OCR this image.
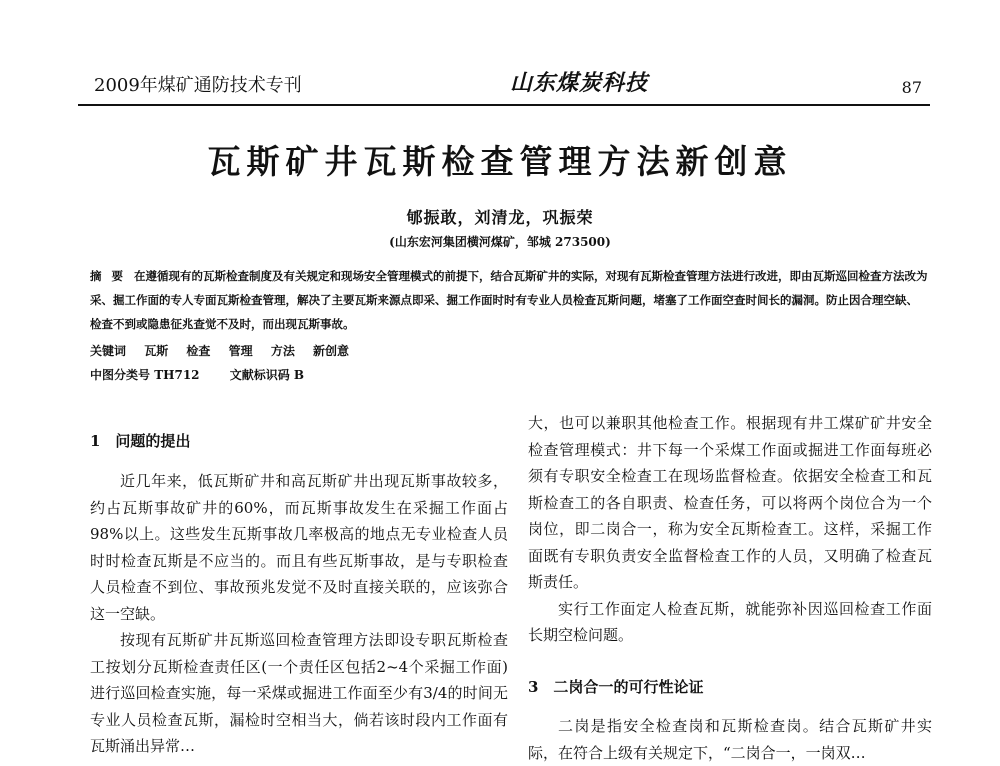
2009年煤矿通防技术专刊	山东煤炭科技	87
瓦斯矿井瓦斯检查管理方法新创意
郇振敢，刘清龙，巩振荣
(山东宏河集团横河煤矿，邹城 273500)
摘 要 在遵循现有的瓦斯检查制度及有关规定和现场安全管理模式的前提下，结合瓦斯矿井的实际，对现有瓦斯检查管理方法进行改进，即由瓦斯巡回检查方法改为采、掘工作面的专人专面瓦斯检查管理，解决了主要瓦斯来源点即采、掘工作面时时有专业人员检查瓦斯问题，堵塞了工作面空查时间长的漏洞。防止因合理空缺、检查不到或隐患征兆查觉不及时，而出现瓦斯事故。
关键词 瓦斯 检查 管理 方法 新创意
中图分类号 TH712	文献标识码 B
1　问题的提出

近几年来，低瓦斯矿井和高瓦斯矿井出现瓦斯事故较多，约占瓦斯事故矿井的60%，而瓦斯事故发生在采掘工作面占98%以上。这些发生瓦斯事故几率极高的地点无专业检查人员时时检查瓦斯是不应当的。而且有些瓦斯事故，是与专职检查人员检查不到位、事故预兆发觉不及时直接关联的，应该弥合这一空缺。

按现有瓦斯矿井瓦斯巡回检查管理方法即设专职瓦斯检查工按划分瓦斯检查责任区(一个责任区包括2~4个采掘工作面)进行巡回检查实施，每一采煤或掘进工作面至少有3/4的时间无专业人员检查瓦斯，漏检时空相当大，倘若该时段内工作面有瓦斯涌出异常…

大，也可以兼职其他检查工作。根据现有井工煤矿矿井安全检查管理模式：井下每一个采煤工作面或掘进工作面每班必须有专职安全检查工在现场监督检查。依据安全检查工和瓦斯检查工的各自职责、检查任务，可以将两个岗位合为一个岗位，即二岗合一，称为安全瓦斯检查工。这样，采掘工作面既有专职负责安全监督检查工作的人员，又明确了检查瓦斯责任。

实行工作面定人检查瓦斯，就能弥补因巡回检查工作面长期空检问题。

3　二岗合一的可行性论证

二岗是指安全检查岗和瓦斯检查岗。结合瓦斯矿井实际，在符合上级有关规定下，“二岗合一，一岗双…
